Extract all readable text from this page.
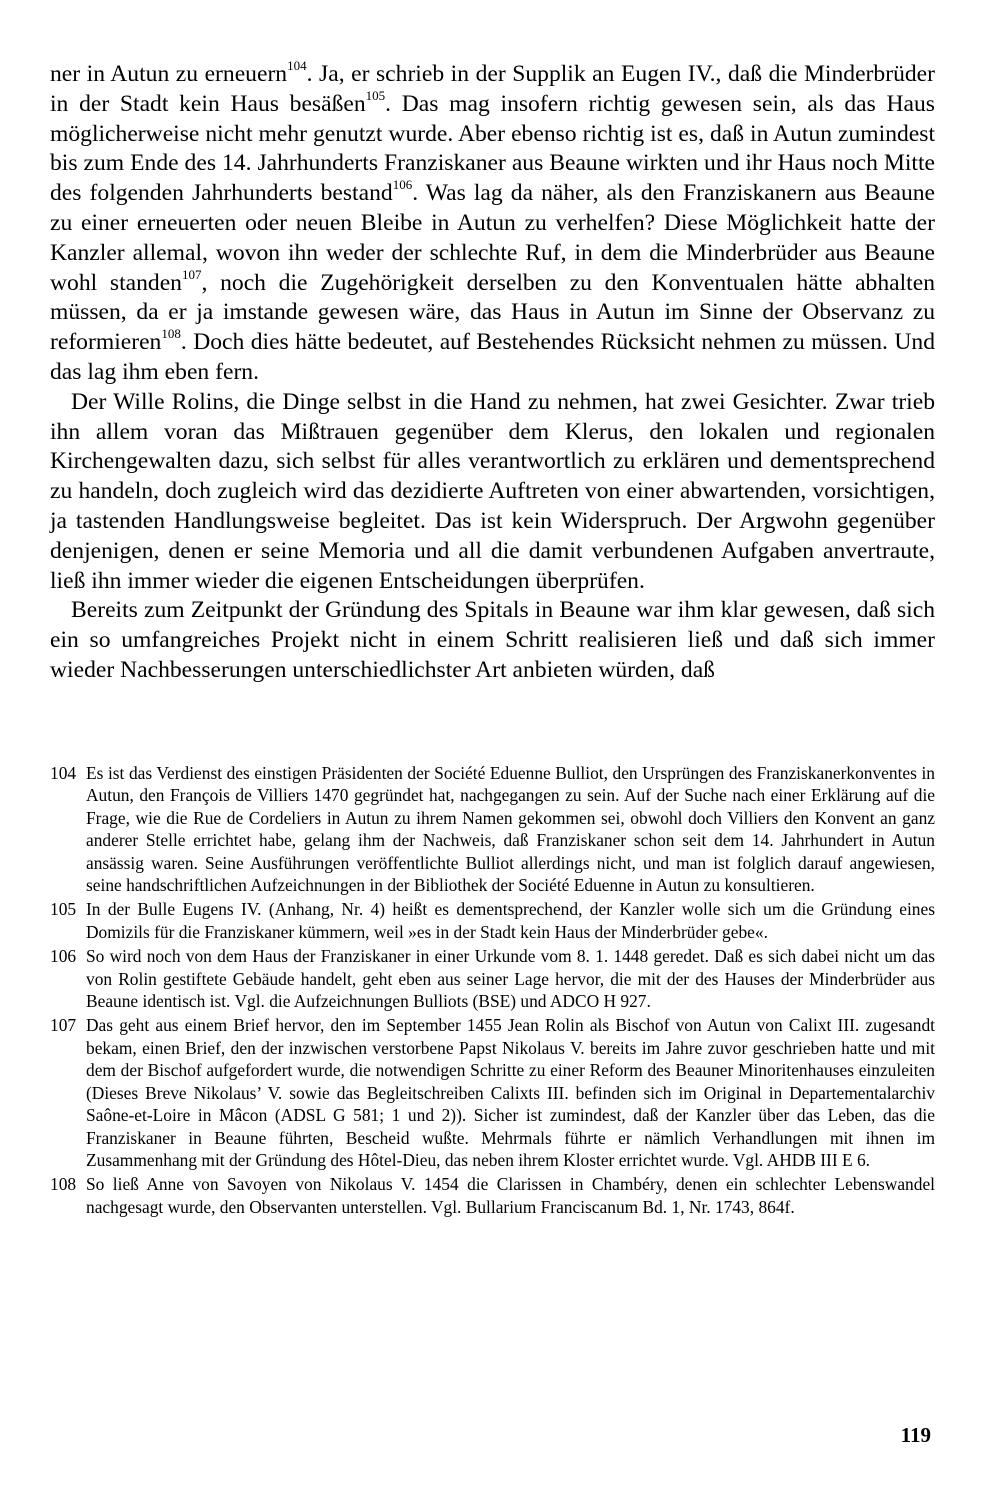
ner in Autun zu erneuern$^{104}$. Ja, er schrieb in der Supplik an Eugen IV., daß die Minderbrüder in der Stadt kein Haus besäßen$^{105}$. Das mag insofern richtig gewesen sein, als das Haus möglicherweise nicht mehr genutzt wurde. Aber ebenso richtig ist es, daß in Autun zumindest bis zum Ende des 14. Jahrhunderts Franziskaner aus Beaune wirkten und ihr Haus noch Mitte des folgenden Jahrhunderts bestand$^{106}$. Was lag da näher, als den Franziskanern aus Beaune zu einer erneuerten oder neuen Bleibe in Autun zu verhelfen? Diese Möglichkeit hatte der Kanzler allemal, wovon ihn weder der schlechte Ruf, in dem die Minderbrüder aus Beaune wohl standen$^{107}$, noch die Zugehörigkeit derselben zu den Konventualen hätte abhalten müssen, da er ja imstande gewesen wäre, das Haus in Autun im Sinne der Observanz zu reformieren$^{108}$. Doch dies hätte bedeutet, auf Bestehendes Rücksicht nehmen zu müssen. Und das lag ihm eben fern.

Der Wille Rolins, die Dinge selbst in die Hand zu nehmen, hat zwei Gesichter. Zwar trieb ihn allem voran das Mißtrauen gegenüber dem Klerus, den lokalen und regionalen Kirchengewalten dazu, sich selbst für alles verantwortlich zu erklären und dementsprechend zu handeln, doch zugleich wird das dezidierte Auftreten von einer abwartenden, vorsichtigen, ja tastenden Handlungsweise begleitet. Das ist kein Widerspruch. Der Argwohn gegenüber denjenigen, denen er seine Memoria und all die damit verbundenen Aufgaben anvertraute, ließ ihn immer wieder die eigenen Entscheidungen überprüfen.

Bereits zum Zeitpunkt der Gründung des Spitals in Beaune war ihm klar gewesen, daß sich ein so umfangreiches Projekt nicht in einem Schritt realisieren ließ und daß sich immer wieder Nachbesserungen unterschiedlichster Art anbieten würden, daß

104 Es ist das Verdienst des einstigen Präsidenten der Société Eduenne Bulliot, den Ursprüngen des Franziskanerkonventes in Autun, den François de Villiers 1470 gegründet hat, nachgegangen zu sein. Auf der Suche nach einer Erklärung auf die Frage, wie die Rue de Cordeliers in Autun zu ihrem Namen gekommen sei, obwohl doch Villiers den Konvent an ganz anderer Stelle errichtet habe, gelang ihm der Nachweis, daß Franziskaner schon seit dem 14. Jahrhundert in Autun ansässig waren. Seine Ausführungen veröffentlichte Bulliot allerdings nicht, und man ist folglich darauf angewiesen, seine handschriftlichen Aufzeichnungen in der Bibliothek der Société Eduenne in Autun zu konsultieren.
105 In der Bulle Eugens IV. (Anhang, Nr. 4) heißt es dementsprechend, der Kanzler wolle sich um die Gründung eines Domizils für die Franziskaner kümmern, weil »es in der Stadt kein Haus der Minderbrüder gebe«.
106 So wird noch von dem Haus der Franziskaner in einer Urkunde vom 8. 1. 1448 geredet. Daß es sich dabei nicht um das von Rolin gestiftete Gebäude handelt, geht eben aus seiner Lage hervor, die mit der des Hauses der Minderbrüder aus Beaune identisch ist. Vgl. die Aufzeichnungen Bulliots (BSE) und ADCO H 927.
107 Das geht aus einem Brief hervor, den im September 1455 Jean Rolin als Bischof von Autun von Calixt III. zugesandt bekam, einen Brief, den der inzwischen verstorbene Papst Nikolaus V. bereits im Jahre zuvor geschrieben hatte und mit dem der Bischof aufgefordert wurde, die notwendigen Schritte zu einer Reform des Beauner Minoritenhauses einzuleiten (Dieses Breve Nikolaus’ V. sowie das Begleitschreiben Calixts III. befinden sich im Original in Departementalarchiv Saône-et-Loire in Mâcon (ADSL G 581; 1 und 2)). Sicher ist zumindest, daß der Kanzler über das Leben, das die Franziskaner in Beaune führten, Bescheid wußte. Mehrmals führte er nämlich Verhandlungen mit ihnen im Zusammenhang mit der Gründung des Hôtel-Dieu, das neben ihrem Kloster errichtet wurde. Vgl. AHDB III E 6.
108 So ließ Anne von Savoyen von Nikolaus V. 1454 die Clarissen in Chambéry, denen ein schlechter Lebenswandel nachgesagt wurde, den Observanten unterstellen. Vgl. Bullarium Franciscanum Bd. 1, Nr. 1743, 864f.
119
